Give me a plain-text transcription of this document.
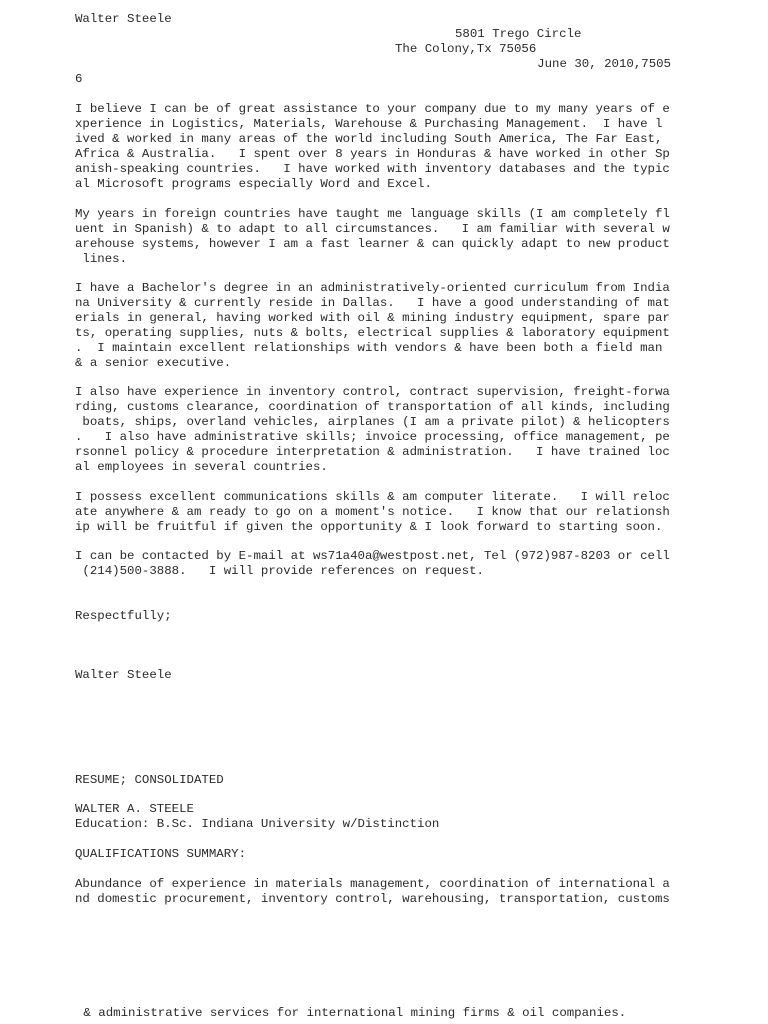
Walter Steele
5801 Trego Circle
The Colony,Tx 75056
June 30, 2010,7505
6
I believe I can be of great assistance to your company due to my many years of e
xperience in Logistics, Materials, Warehouse & Purchasing Management.  I have l
ived & worked in many areas of the world including South America, The Far East,
Africa & Australia.   I spent over 8 years in Honduras & have worked in other Sp
anish-speaking countries.   I have worked with inventory databases and the typic
al Microsoft programs especially Word and Excel.
My years in foreign countries have taught me language skills (I am completely fl
uent in Spanish) & to adapt to all circumstances.   I am familiar with several w
arehouse systems, however I am a fast learner & can quickly adapt to new product
lines.
I have a Bachelor's degree in an administratively-oriented curriculum from India
na University & currently reside in Dallas.   I have a good understanding of mat
erials in general, having worked with oil & mining industry equipment, spare par
ts, operating supplies, nuts & bolts, electrical supplies & laboratory equipment
.  I maintain excellent relationships with vendors & have been both a field man
& a senior executive.
I also have experience in inventory control, contract supervision, freight-forwa
rding, customs clearance, coordination of transportation of all kinds, including
boats, ships, overland vehicles, airplanes (I am a private pilot) & helicopters
.   I also have administrative skills; invoice processing, office management, pe
rsonnel policy & procedure interpretation & administration.   I have trained loc
al employees in several countries.
I possess excellent communications skills & am computer literate.   I will reloc
ate anywhere & am ready to go on a moment's notice.   I know that our relationsh
ip will be fruitful if given the opportunity & I look forward to starting soon.
I can be contacted by E-mail at ws71a40a@westpost.net, Tel (972)987-8203 or cell
(214)500-3888.   I will provide references on request.
Respectfully;
Walter Steele
RESUME; CONSOLIDATED
WALTER A. STEELE
Education: B.Sc. Indiana University w/Distinction
QUALIFICATIONS SUMMARY:
Abundance of experience in materials management, coordination of international a
nd domestic procurement, inventory control, warehousing, transportation, customs
& administrative services for international mining firms & oil companies.
